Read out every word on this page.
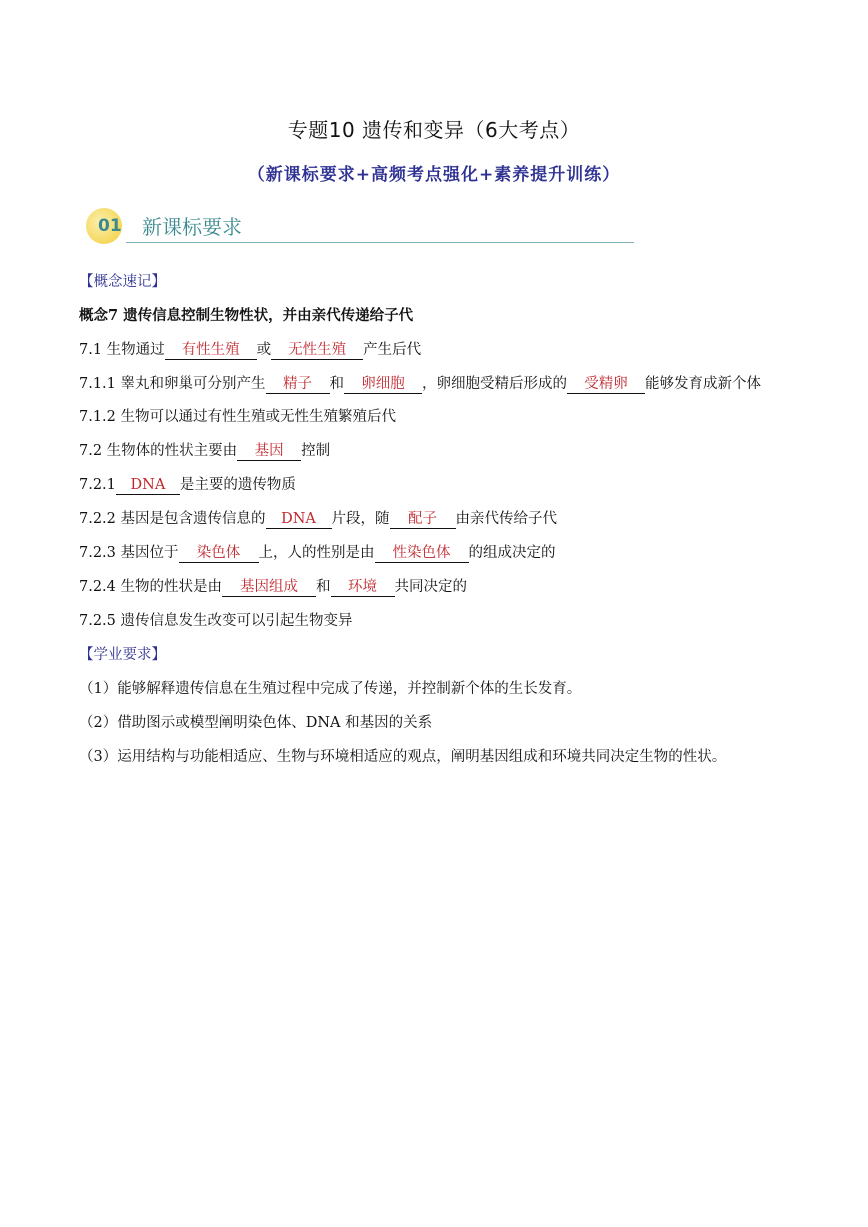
专题10 遗传和变异（6大考点）
（新课标要求+高频考点强化+素养提升训练）
01 新课标要求
【概念速记】
概念7 遗传信息控制生物性状，并由亲代传递给子代
7.1 生物通过 有性生殖 或 无性生殖 产生后代
7.1.1 睾丸和卵巢可分别产生 精子 和 卵细胞 ，卵细胞受精后形成的 受精卵 能够发育成新个体
7.1.2 生物可以通过有性生殖或无性生殖繁殖后代
7.2 生物体的性状主要由 基因 控制
7.2.1 DNA 是主要的遗传物质
7.2.2 基因是包含遗传信息的 DNA 片段，随 配子 由亲代传给子代
7.2.3 基因位于 染色体 上，人的性别是由 性染色体 的组成决定的
7.2.4 生物的性状是由 基因组成 和 环境 共同决定的
7.2.5 遗传信息发生改变可以引起生物变异
【学业要求】
（1）能够解释遗传信息在生殖过程中完成了传递，并控制新个体的生长发育。
（2）借助图示或模型阐明染色体、DNA 和基因的关系
（3）运用结构与功能相适应、生物与环境相适应的观点，阐明基因组成和环境共同决定生物的性状。
